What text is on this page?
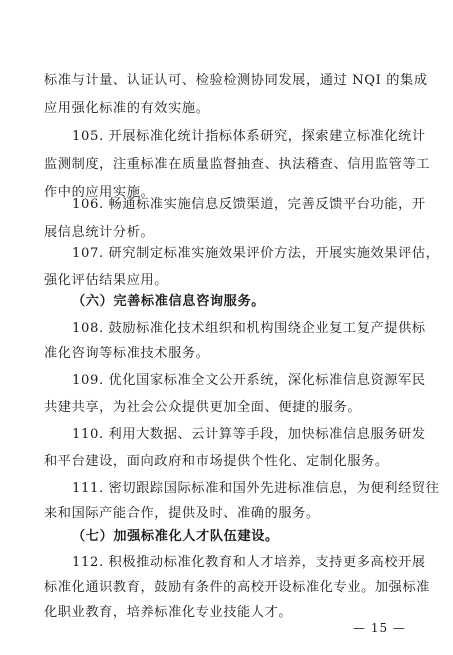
标准与计量、认证认可、检验检测协同发展，通过 NQI 的集成
应用强化标准的有效实施。
105. 开展标准化统计指标体系研究，探索建立标准化统计
监测制度，注重标准在质量监督抽查、执法稽查、信用监管等工
作中的应用实施。
106. 畅通标准实施信息反馈渠道，完善反馈平台功能，开
展信息统计分析。
107. 研究制定标准实施效果评价方法，开展实施效果评估，
强化评估结果应用。
（六）完善标准信息咨询服务。
108. 鼓励标准化技术组织和机构围绕企业复工复产提供标
准化咨询等标准技术服务。
109. 优化国家标准全文公开系统，深化标准信息资源军民
共建共享，为社会公众提供更加全面、便捷的服务。
110. 利用大数据、云计算等手段，加快标准信息服务研发
和平台建设，面向政府和市场提供个性化、定制化服务。
111. 密切跟踪国际标准和国外先进标准信息，为便利经贸往
来和国际产能合作，提供及时、准确的服务。
（七）加强标准化人才队伍建设。
112. 积极推动标准化教育和人才培养，支持更多高校开展
标准化通识教育，鼓励有条件的高校开设标准化专业。加强标准
化职业教育，培养标准化专业技能人才。
— 15 —
